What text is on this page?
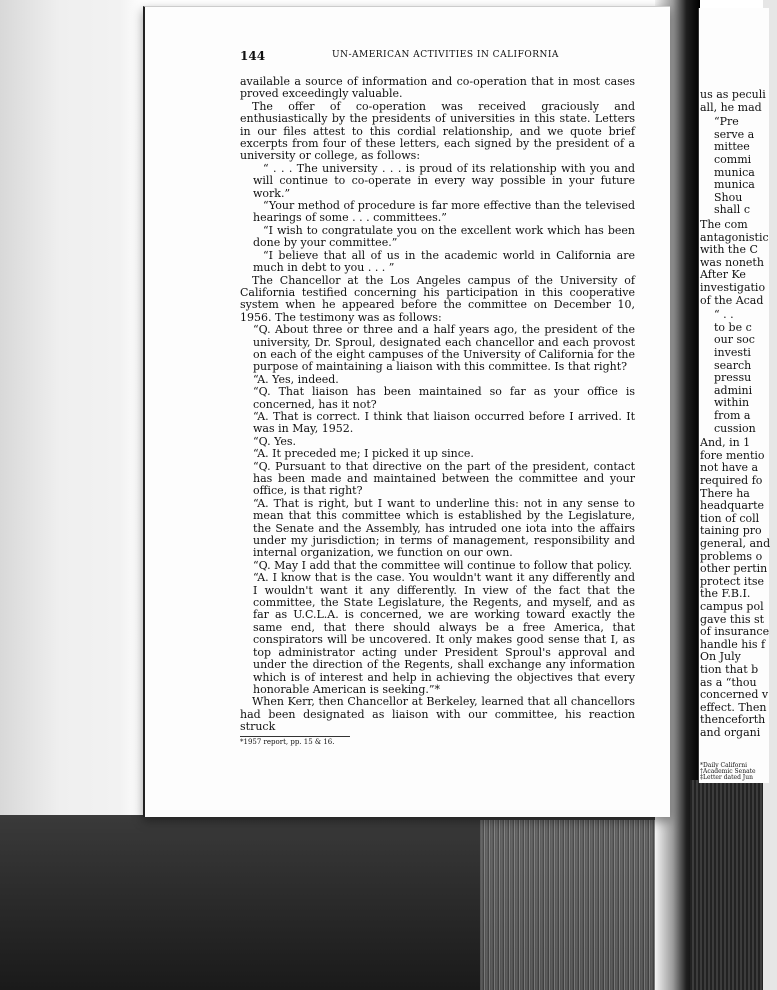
144	UN-AMERICAN ACTIVITIES IN CALIFORNIA

available a source of information and co-operation that in most cases proved exceedingly valuable.

The offer of co-operation was received graciously and enthusiastically by the presidents of universities in this state. Letters in our files attest to this cordial relationship, and we quote brief excerpts from four of these letters, each signed by the president of a university or college, as follows:

“ . . . The university . . . is proud of its relationship with you and will continue to co-operate in every way possible in your future work.”

“Your method of procedure is far more effective than the televised hearings of some . . . committees.”

“I wish to congratulate you on the excellent work which has been done by your committee.”

“I believe that all of us in the academic world in California are much in debt to you . . . ”

The Chancellor at the Los Angeles campus of the University of California testified concerning his participation in this cooperative system when he appeared before the committee on December 10, 1956. The testimony was as follows:

“Q. About three or three and a half years ago, the president of the university, Dr. Sproul, designated each chancellor and each provost on each of the eight campuses of the University of California for the purpose of maintaining a liaison with this committee. Is that right?

“A. Yes, indeed.

“Q. That liaison has been maintained so far as your office is concerned, has it not?

“A. That is correct. I think that liaison occurred before I arrived. It was in May, 1952.

“Q. Yes.

“A. It preceded me; I picked it up since.

“Q. Pursuant to that directive on the part of the president, contact has been made and maintained between the committee and your office, is that right?

“A. That is right, but I want to underline this: not in any sense to mean that this committee which is established by the Legislature, the Senate and the Assembly, has intruded one iota into the affairs under my jurisdiction; in terms of management, responsibility and internal organization, we function on our own.

“Q. May I add that the committee will continue to follow that policy.

“A. I know that is the case. You wouldn't want it any differently and I wouldn't want it any differently. In view of the fact that the committee, the State Legislature, the Regents, and myself, and as far as U.C.L.A. is concerned, we are working toward exactly the same end, that there should always be a free America, that conspirators will be uncovered. It only makes good sense that I, as top administrator acting under President Sproul's approval and under the direction of the Regents, shall exchange any information which is of interest and help in achieving the objectives that every honorable American is seeking.”*

When Kerr, then Chancellor at Berkeley, learned that all chancellors had been designated as liaison with our committee, his reaction struck

*1957 report, pp. 15 & 16.

us as peculi
all, he mad
“Pre
serve a
mittee
commi
munica
munica
Shou
shall c
The com
antagonistic
with the C
was noneth
After Ke
investigatio
of the Acad
“ . .
to be c
our soc
investi
search
pressu
admini
within
from a
cussion
And, in 1
fore mentio
not have a
required fo
There ha
headquarte
tion of coll
taining pro
general, and
problems o
other pertin
protect itse
the F.B.I.
campus pol
gave this st
of insurance
handle his f
On July
tion that b
as a “thou
concerned v
effect. Then
thenceforth
and organi
*Daily Californi
†Academic Senate
‡Letter dated Jun
